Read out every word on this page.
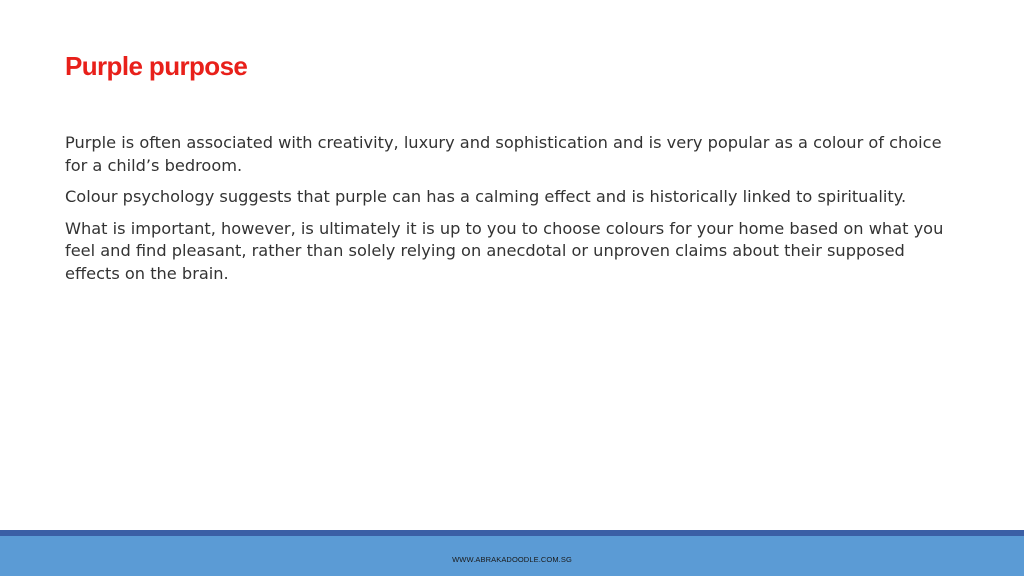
Purple purpose

Purple is often associated with creativity, luxury and sophistication and is very popular as a colour of choice for a child’s bedroom.

Colour psychology suggests that purple can has a calming effect and is historically linked to spirituality.

What is important, however, is ultimately it is up to you to choose colours for your home based on what you feel and find pleasant, rather than solely relying on anecdotal or unproven claims about their supposed effects on the brain.

WWW.ABRAKADOODLE.COM.SG
